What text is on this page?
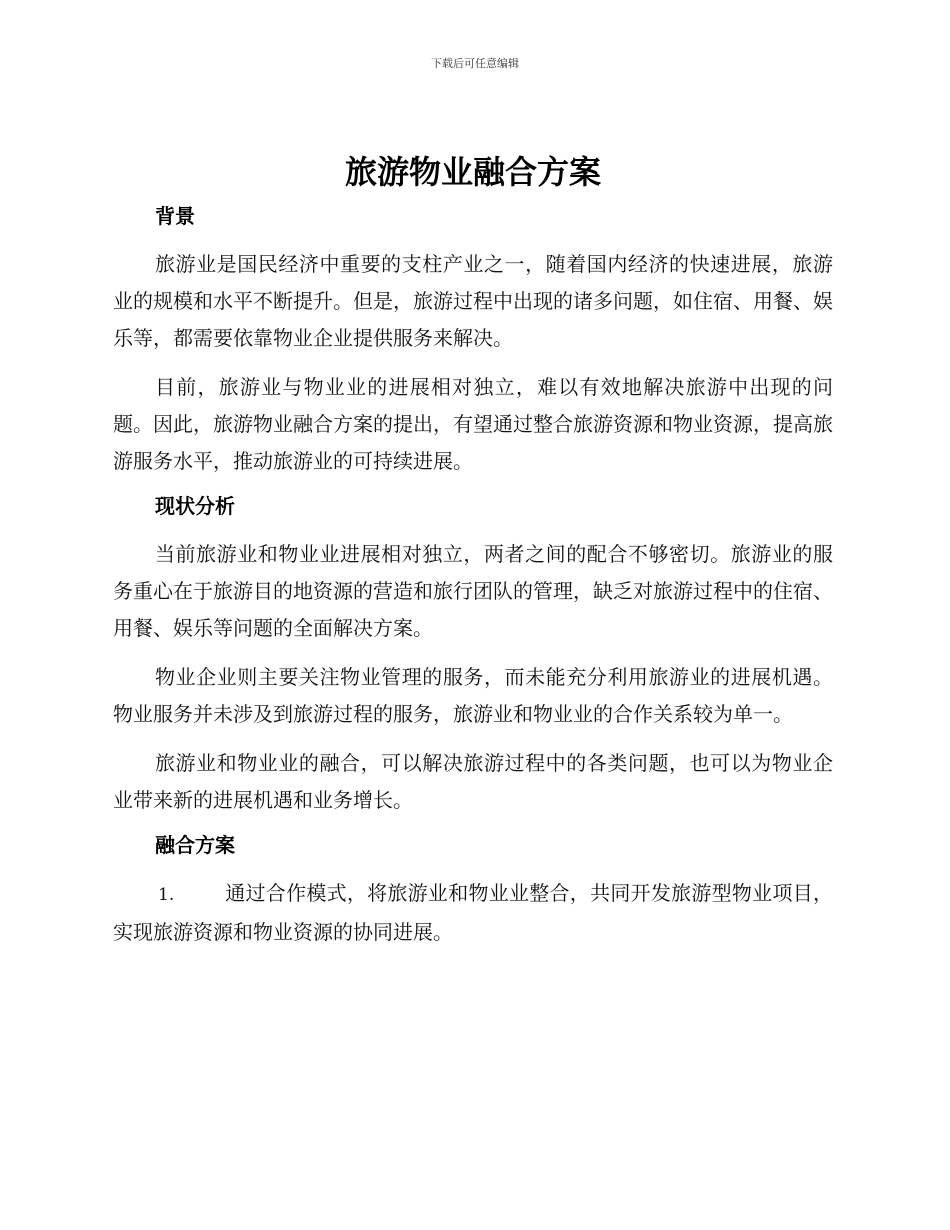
下载后可任意编辑
旅游物业融合方案
背景

旅游业是国民经济中重要的支柱产业之一，随着国内经济的快速进展，旅游业的规模和水平不断提升。但是，旅游过程中出现的诸多问题，如住宿、用餐、娱乐等，都需要依靠物业企业提供服务来解决。

目前，旅游业与物业业的进展相对独立，难以有效地解决旅游中出现的问题。因此，旅游物业融合方案的提出，有望通过整合旅游资源和物业资源，提高旅游服务水平，推动旅游业的可持续进展。

现状分析

当前旅游业和物业业进展相对独立，两者之间的配合不够密切。旅游业的服务重心在于旅游目的地资源的营造和旅行团队的管理，缺乏对旅游过程中的住宿、用餐、娱乐等问题的全面解决方案。

物业企业则主要关注物业管理的服务，而未能充分利用旅游业的进展机遇。物业服务并未涉及到旅游过程的服务，旅游业和物业业的合作关系较为单一。

旅游业和物业业的融合，可以解决旅游过程中的各类问题，也可以为物业企业带来新的进展机遇和业务增长。

融合方案

1.	通过合作模式，将旅游业和物业业整合，共同开发旅游型物业项目，实现旅游资源和物业资源的协同进展。
